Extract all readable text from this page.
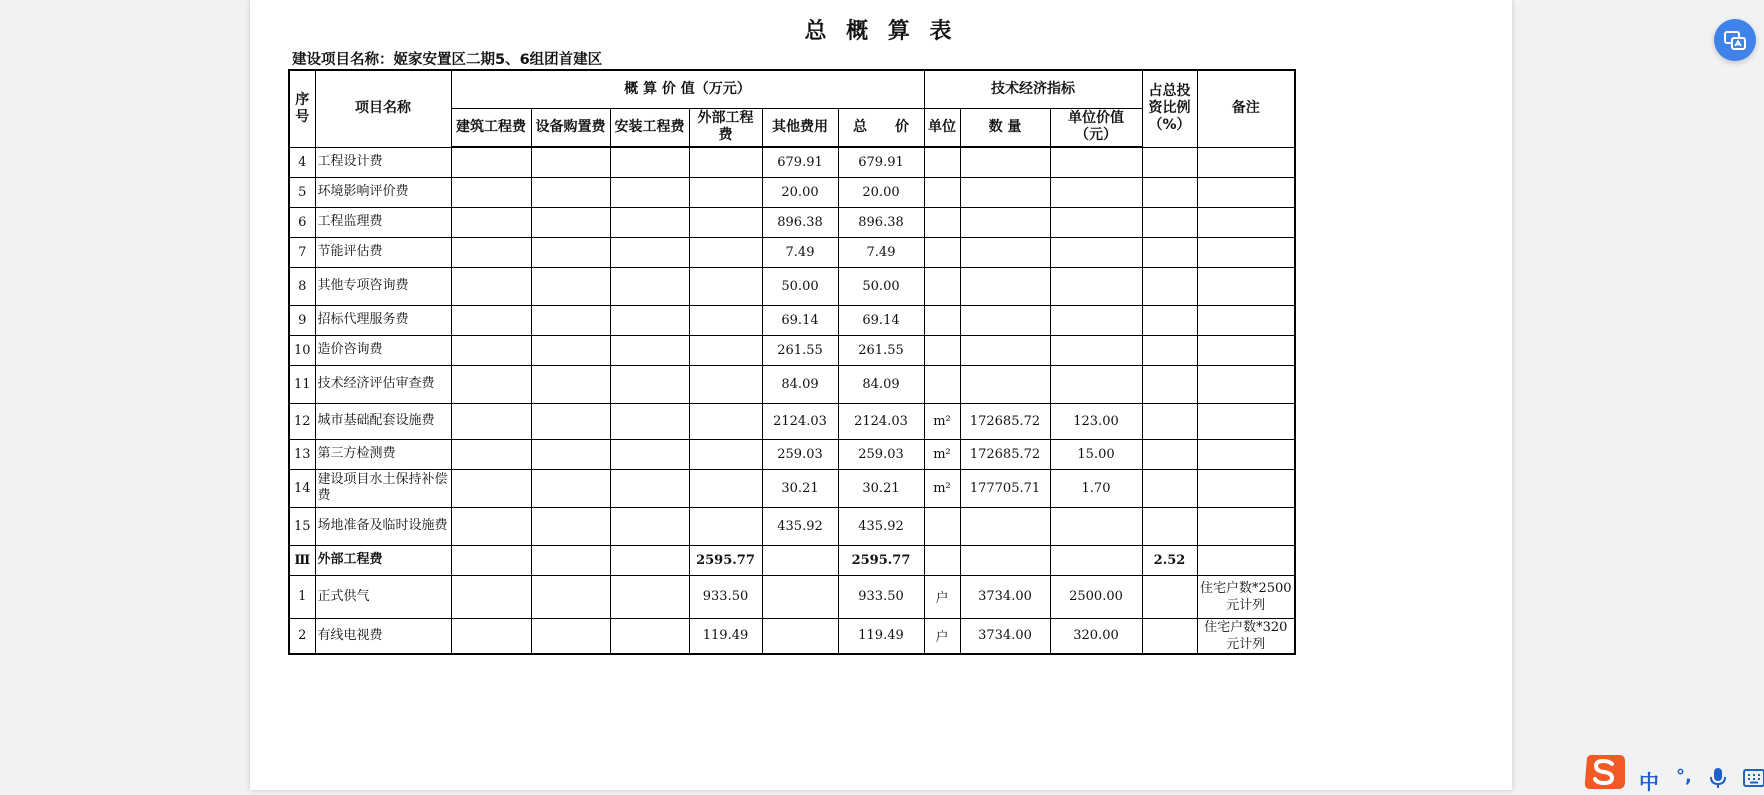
总 概 算 表
建设项目名称：姬家安置区二期5、6组团首建区
序号	项目名称	概 算 价 值（万元）						技术经济指标			占总投资比例（%）	备注
		建筑工程费	设备购置费	安装工程费	外部工程费	其他费用	总　　价	单位	数 量	单位价值（元）		
4	工程设计费					679.91	679.91					
5	环境影响评价费					20.00	20.00					
6	工程监理费					896.38	896.38					
7	节能评估费					7.49	7.49					
8	其他专项咨询费					50.00	50.00					
9	招标代理服务费					69.14	69.14					
10	造价咨询费					261.55	261.55					
11	技术经济评估审查费					84.09	84.09					
12	城市基础配套设施费					2124.03	2124.03	m²	172685.72	123.00		
13	第三方检测费					259.03	259.03	m²	172685.72	15.00		
14	建设项目水土保持补偿费					30.21	30.21	m²	177705.71	1.70		
15	场地准备及临时设施费					435.92	435.92					
Ⅲ	外部工程费				2595.77		2595.77				2.52	
1	正式供气				933.50		933.50	户	3734.00	2500.00		住宅户数*2500元计列
2	有线电视费				119.49		119.49	户	3734.00	320.00		住宅户数*320元计列
中 °,
